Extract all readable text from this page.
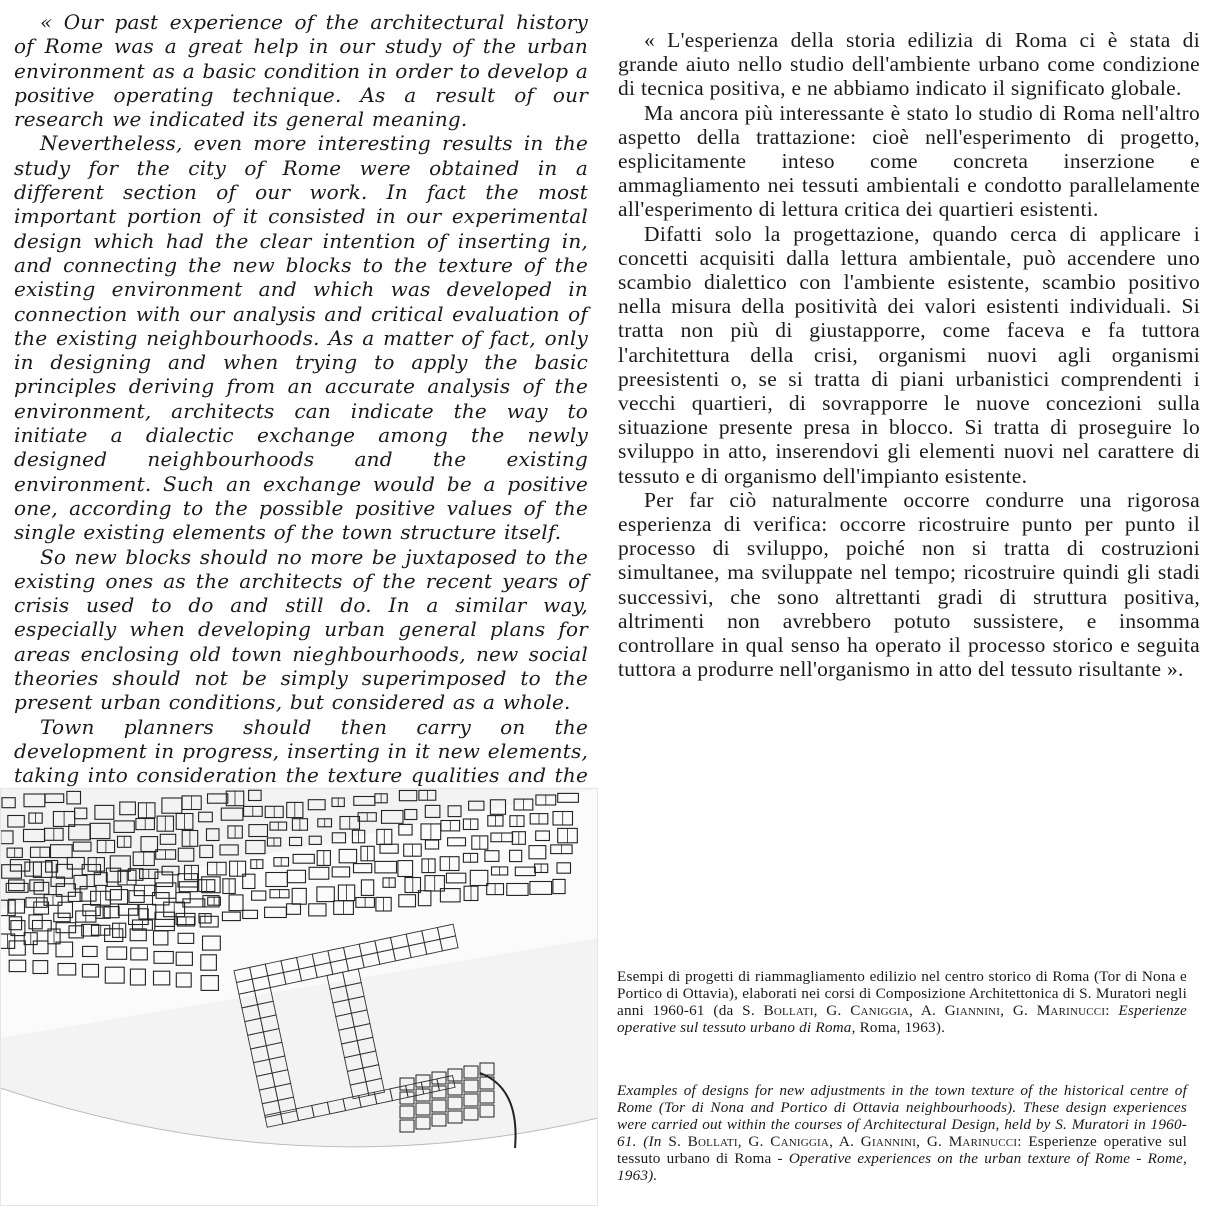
« Our past experience of the architectural history of Rome was a great help in our study of the urban environment as a basic condition in order to develop a positive operating technique. As a result of our research we indicated its general meaning.

Nevertheless, even more interesting results in the study for the city of Rome were obtained in a different section of our work. In fact the most important portion of it consisted in our experimental design which had the clear intention of inserting in, and connecting the new blocks to the texture of the existing environment and which was developed in connection with our analysis and critical evaluation of the existing neighbourhoods. As a matter of fact, only in designing and when trying to apply the basic principles deriving from an accurate analysis of the environment, architects can indicate the way to initiate a dialectic exchange among the newly designed neighbourhoods and the existing environment. Such an exchange would be a positive one, according to the possible positive values of the single existing elements of the town structure itself.

So new blocks should no more be juxtaposed to the existing ones as the architects of the recent years of crisis used to do and still do. In a similar way, especially when developing urban general plans for areas enclosing old town nieghbourhoods, new social theories should not be simply superimposed to the present urban conditions, but considered as a whole.

Town planners should then carry on the development in progress, inserting in it new elements, taking into consideration the texture qualities and the

« L'esperienza della storia edilizia di Roma ci è stata di grande aiuto nello studio dell'ambiente urbano come condizione di tecnica positiva, e ne abbiamo indicato il significato globale.

Ma ancora più interessante è stato lo studio di Roma nell'altro aspetto della trattazione: cioè nell'esperimento di progetto, esplicitamente inteso come concreta inserzione e ammagliamento nei tessuti ambientali e condotto parallelamente all'esperimento di lettura critica dei quartieri esistenti.

Difatti solo la progettazione, quando cerca di applicare i concetti acquisiti dalla lettura ambientale, può accendere uno scambio dialettico con l'ambiente esistente, scambio positivo nella misura della positività dei valori esistenti individuali. Si tratta non più di giustapporre, come faceva e fa tuttora l'architettura della crisi, organismi nuovi agli organismi preesistenti o, se si tratta di piani urbanistici comprendenti i vecchi quartieri, di sovrapporre le nuove concezioni sulla situazione presente presa in blocco. Si tratta di proseguire lo sviluppo in atto, inserendovi gli elementi nuovi nel carattere di tessuto e di organismo dell'impianto esistente.

Per far ciò naturalmente occorre condurre una rigorosa esperienza di verifica: occorre ricostruire punto per punto il processo di sviluppo, poiché non si tratta di costruzioni simultanee, ma sviluppate nel tempo; ricostruire quindi gli stadi successivi, che sono altrettanti gradi di struttura positiva, altrimenti non avrebbero potuto sussistere, e insomma controllare in qual senso ha operato il processo storico e seguita tuttora a produrre nell'organismo in atto del tessuto risultante ».

Esempi di progetti di riammagliamento edilizio nel centro storico di Roma (Tor di Nona e Portico di Ottavia), elaborati nei corsi di Composizione Architettonica di S. Muratori negli anni 1960-61 (da S. Bollati, G. Caniggia, A. Giannini, G. Marinucci: Esperienze operative sul tessuto urbano di Roma, Roma, 1963).
Examples of designs for new adjustments in the town texture of the historical centre of Rome (Tor di Nona and Portico di Ottavia neighbourhoods). These design experiences were carried out within the courses of Architectural Design, held by S. Muratori in 1960-61. (In S. Bollati, G. Caniggia, A. Giannini, G. Marinucci: Esperienze operative sul tessuto urbano di Roma - Operative experiences on the urban texture of Rome - Rome, 1963).
